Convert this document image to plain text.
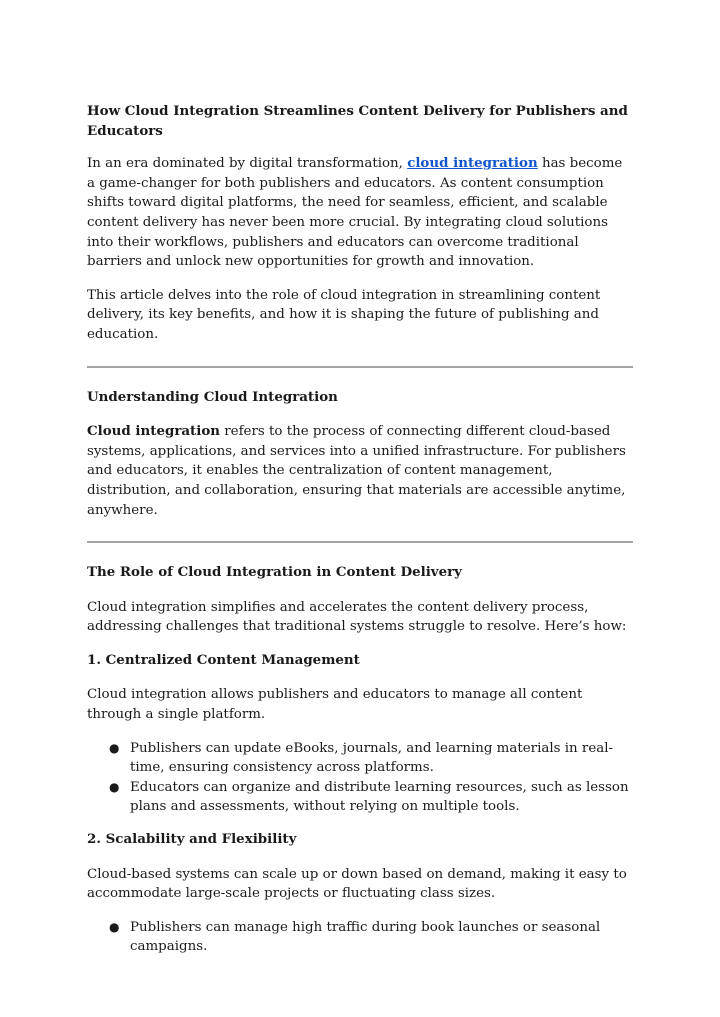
How Cloud Integration Streamlines Content Delivery for Publishers and Educators

In an era dominated by digital transformation, cloud integration has become a game-changer for both publishers and educators. As content consumption shifts toward digital platforms, the need for seamless, efficient, and scalable content delivery has never been more crucial. By integrating cloud solutions into their workflows, publishers and educators can overcome traditional barriers and unlock new opportunities for growth and innovation.

This article delves into the role of cloud integration in streamlining content delivery, its key benefits, and how it is shaping the future of publishing and education.

Understanding Cloud Integration

Cloud integration refers to the process of connecting different cloud-based systems, applications, and services into a unified infrastructure. For publishers and educators, it enables the centralization of content management, distribution, and collaboration, ensuring that materials are accessible anytime, anywhere.

The Role of Cloud Integration in Content Delivery

Cloud integration simplifies and accelerates the content delivery process, addressing challenges that traditional systems struggle to resolve. Here’s how:

1. Centralized Content Management

Cloud integration allows publishers and educators to manage all content through a single platform.

● Publishers can update eBooks, journals, and learning materials in real-time, ensuring consistency across platforms.
● Educators can organize and distribute learning resources, such as lesson plans and assessments, without relying on multiple tools.

2. Scalability and Flexibility

Cloud-based systems can scale up or down based on demand, making it easy to accommodate large-scale projects or fluctuating class sizes.

● Publishers can manage high traffic during book launches or seasonal campaigns.
